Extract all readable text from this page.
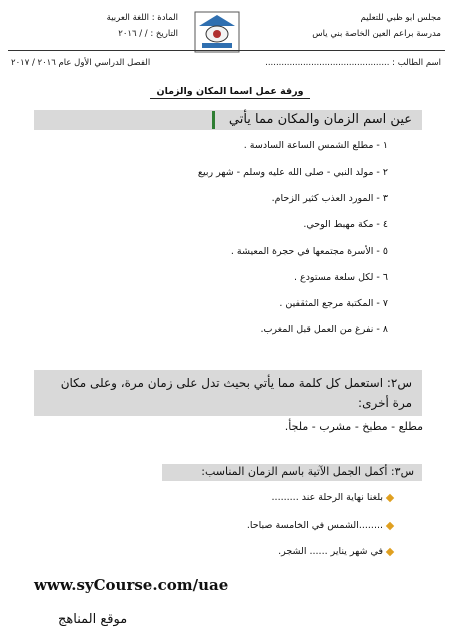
مجلس ابو ظبي للتعليم
مدرسة براعم العين الخاصة بني ياس
المادة : اللغة العربية
التاريخ : / / ٢٠١٦
اسم الطالب : ..............................................
الفصل الدراسي الأول عام ٢٠١٦ / ٢٠١٧
ورقة عمل اسما المكان والزمان
عين اسم الزمان والمكان مما يأتي
١ - مطلع الشمس الساعة السادسة .
٢ - مولد النبي - صلى الله عليه وسلم - شهر ربيع
٣ - المورد العذب كثير الزحام.
٤ - مكة مهبط الوحي.
٥ - الأسرة مجتمعها في حجرة المعيشة .
٦ - لكل سلعة مستودع .
٧ - المكتبة مرجع المثقفين .
٨ - نفرغ من العمل قبل المغرب.
س٢: استعمل كل كلمة مما يأتي بحيث تدل على زمان مرة، وعلى مكان مرة أخرى:
مطلع - مطبخ - مشرب - ملجأ.
س٣: أكمل الجمل الآتية باسم الزمان المناسب:
بلغنا نهاية الرحلة عند .........
........الشمس في الخامسة صباحا.
في شهر يناير ...... الشجر.
www.syCourse.com/uae
موقع المناهج
